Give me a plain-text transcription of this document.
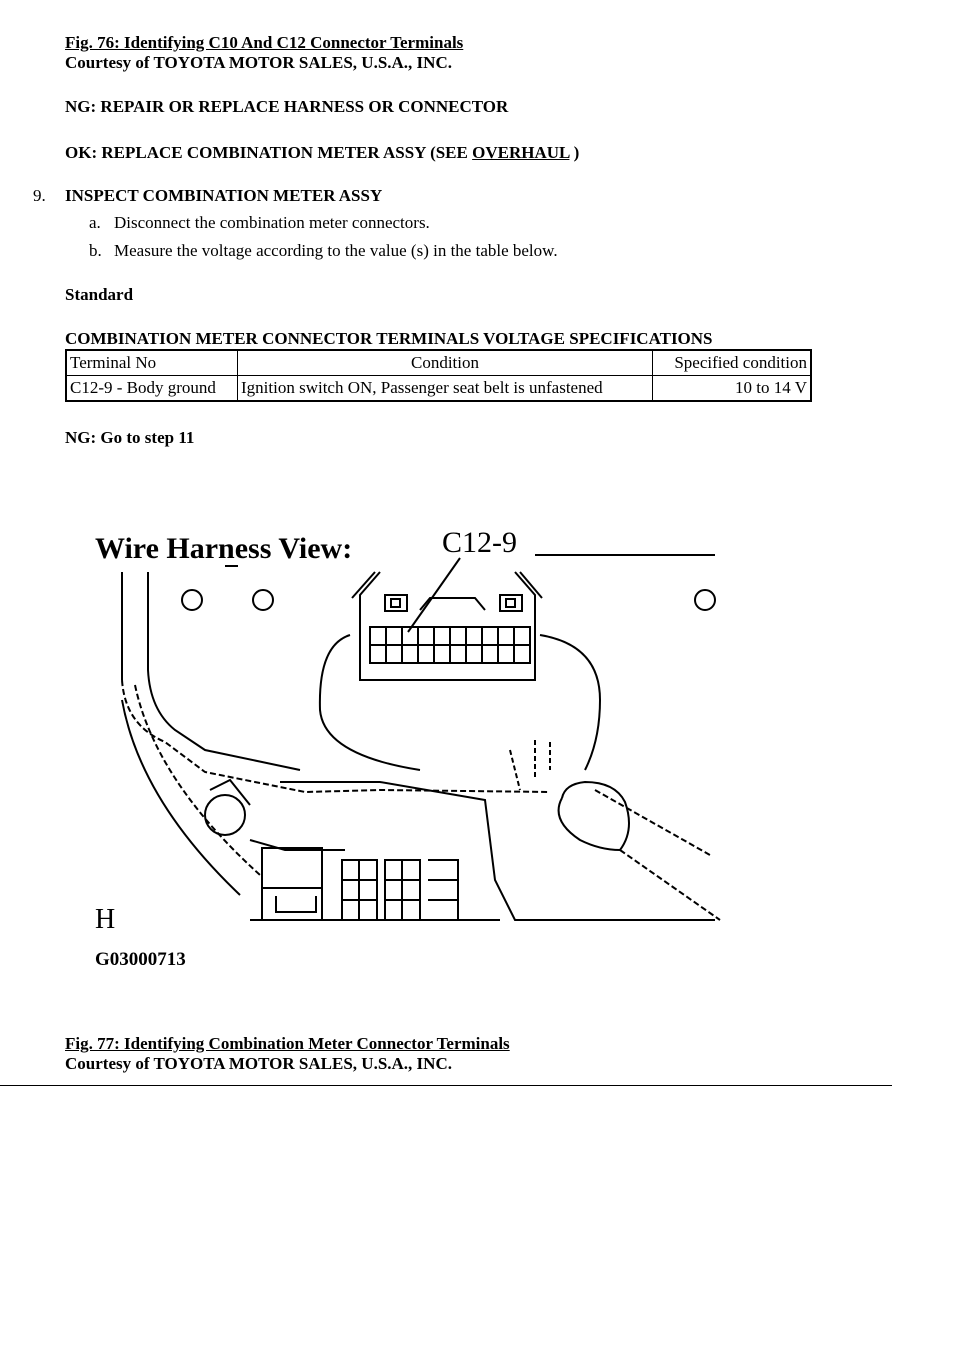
Fig. 76: Identifying C10 And C12 Connector Terminals
Courtesy of TOYOTA MOTOR SALES, U.S.A., INC.
NG: REPAIR OR REPLACE HARNESS OR CONNECTOR
OK: REPLACE COMBINATION METER ASSY (SEE OVERHAUL )
9. INSPECT COMBINATION METER ASSY
a. Disconnect the combination meter connectors.
b. Measure the voltage according to the value (s) in the table below.
Standard
COMBINATION METER CONNECTOR TERMINALS VOLTAGE SPECIFICATIONS
Terminal No	Condition	Specified condition
C12-9 - Body ground	Ignition switch ON, Passenger seat belt is unfastened	10 to 14 V
NG: Go to step 11
Wire Harness View:	C12-9
H
G03000713
Fig. 77: Identifying Combination Meter Connector Terminals
Courtesy of TOYOTA MOTOR SALES, U.S.A., INC.
